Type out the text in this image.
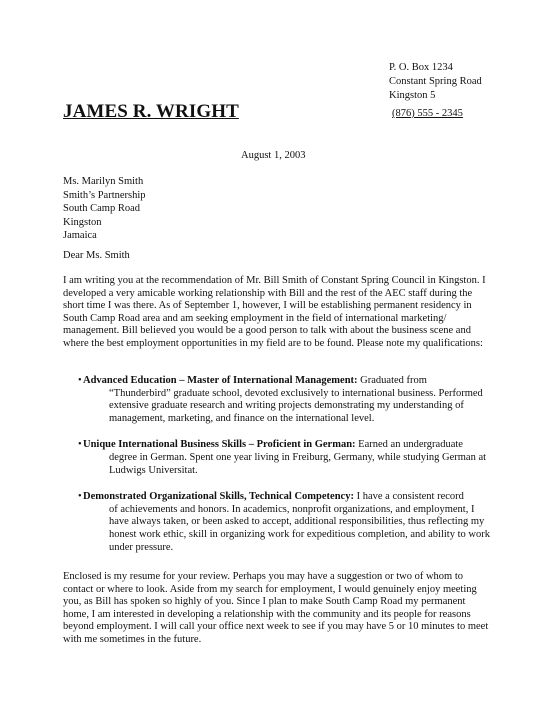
P. O. Box 1234
Constant Spring Road
Kingston 5
JAMES R. WRIGHT	(876) 555 - 2345
August 1, 2003
Ms. Marilyn Smith
Smith’s Partnership
South Camp Road
Kingston
Jamaica
Dear Ms. Smith
I am writing you at the recommendation of Mr. Bill Smith of Constant Spring Council in Kingston. I developed a very amicable working relationship with Bill and the rest of the AEC staff during the short time I was there. As of September 1, however, I will be establishing permanent residency in South Camp Road area and am seeking employment in the field of international marketing/ management. Bill believed you would be a good person to talk with about the business scene and where the best employment opportunities in my field are to be found. Please note my qualifications:
• Advanced Education – Master of International Management: Graduated from
“Thunderbird” graduate school, devoted exclusively to international business. Performed extensive graduate research and writing projects demonstrating my understanding of management, marketing, and finance on the international level.
• Unique International Business Skills – Proficient in German: Earned an undergraduate
degree in German. Spent one year living in Freiburg, Germany, while studying German at Ludwigs Universitat.
• Demonstrated Organizational Skills, Technical Competency: I have a consistent record
of achievements and honors. In academics, nonprofit organizations, and employment, I have always taken, or been asked to accept, additional responsibilities, thus reflecting my honest work ethic, skill in organizing work for expeditious completion, and ability to work under pressure.
Enclosed is my resume for your review. Perhaps you may have a suggestion or two of whom to contact or where to look. Aside from my search for employment, I would genuinely enjoy meeting you, as Bill has spoken so highly of you. Since I plan to make South Camp Road my permanent home, I am interested in developing a relationship with the community and its people for reasons beyond employment. I will call your office next week to see if you may have 5 or 10 minutes to meet with me sometimes in the future.
